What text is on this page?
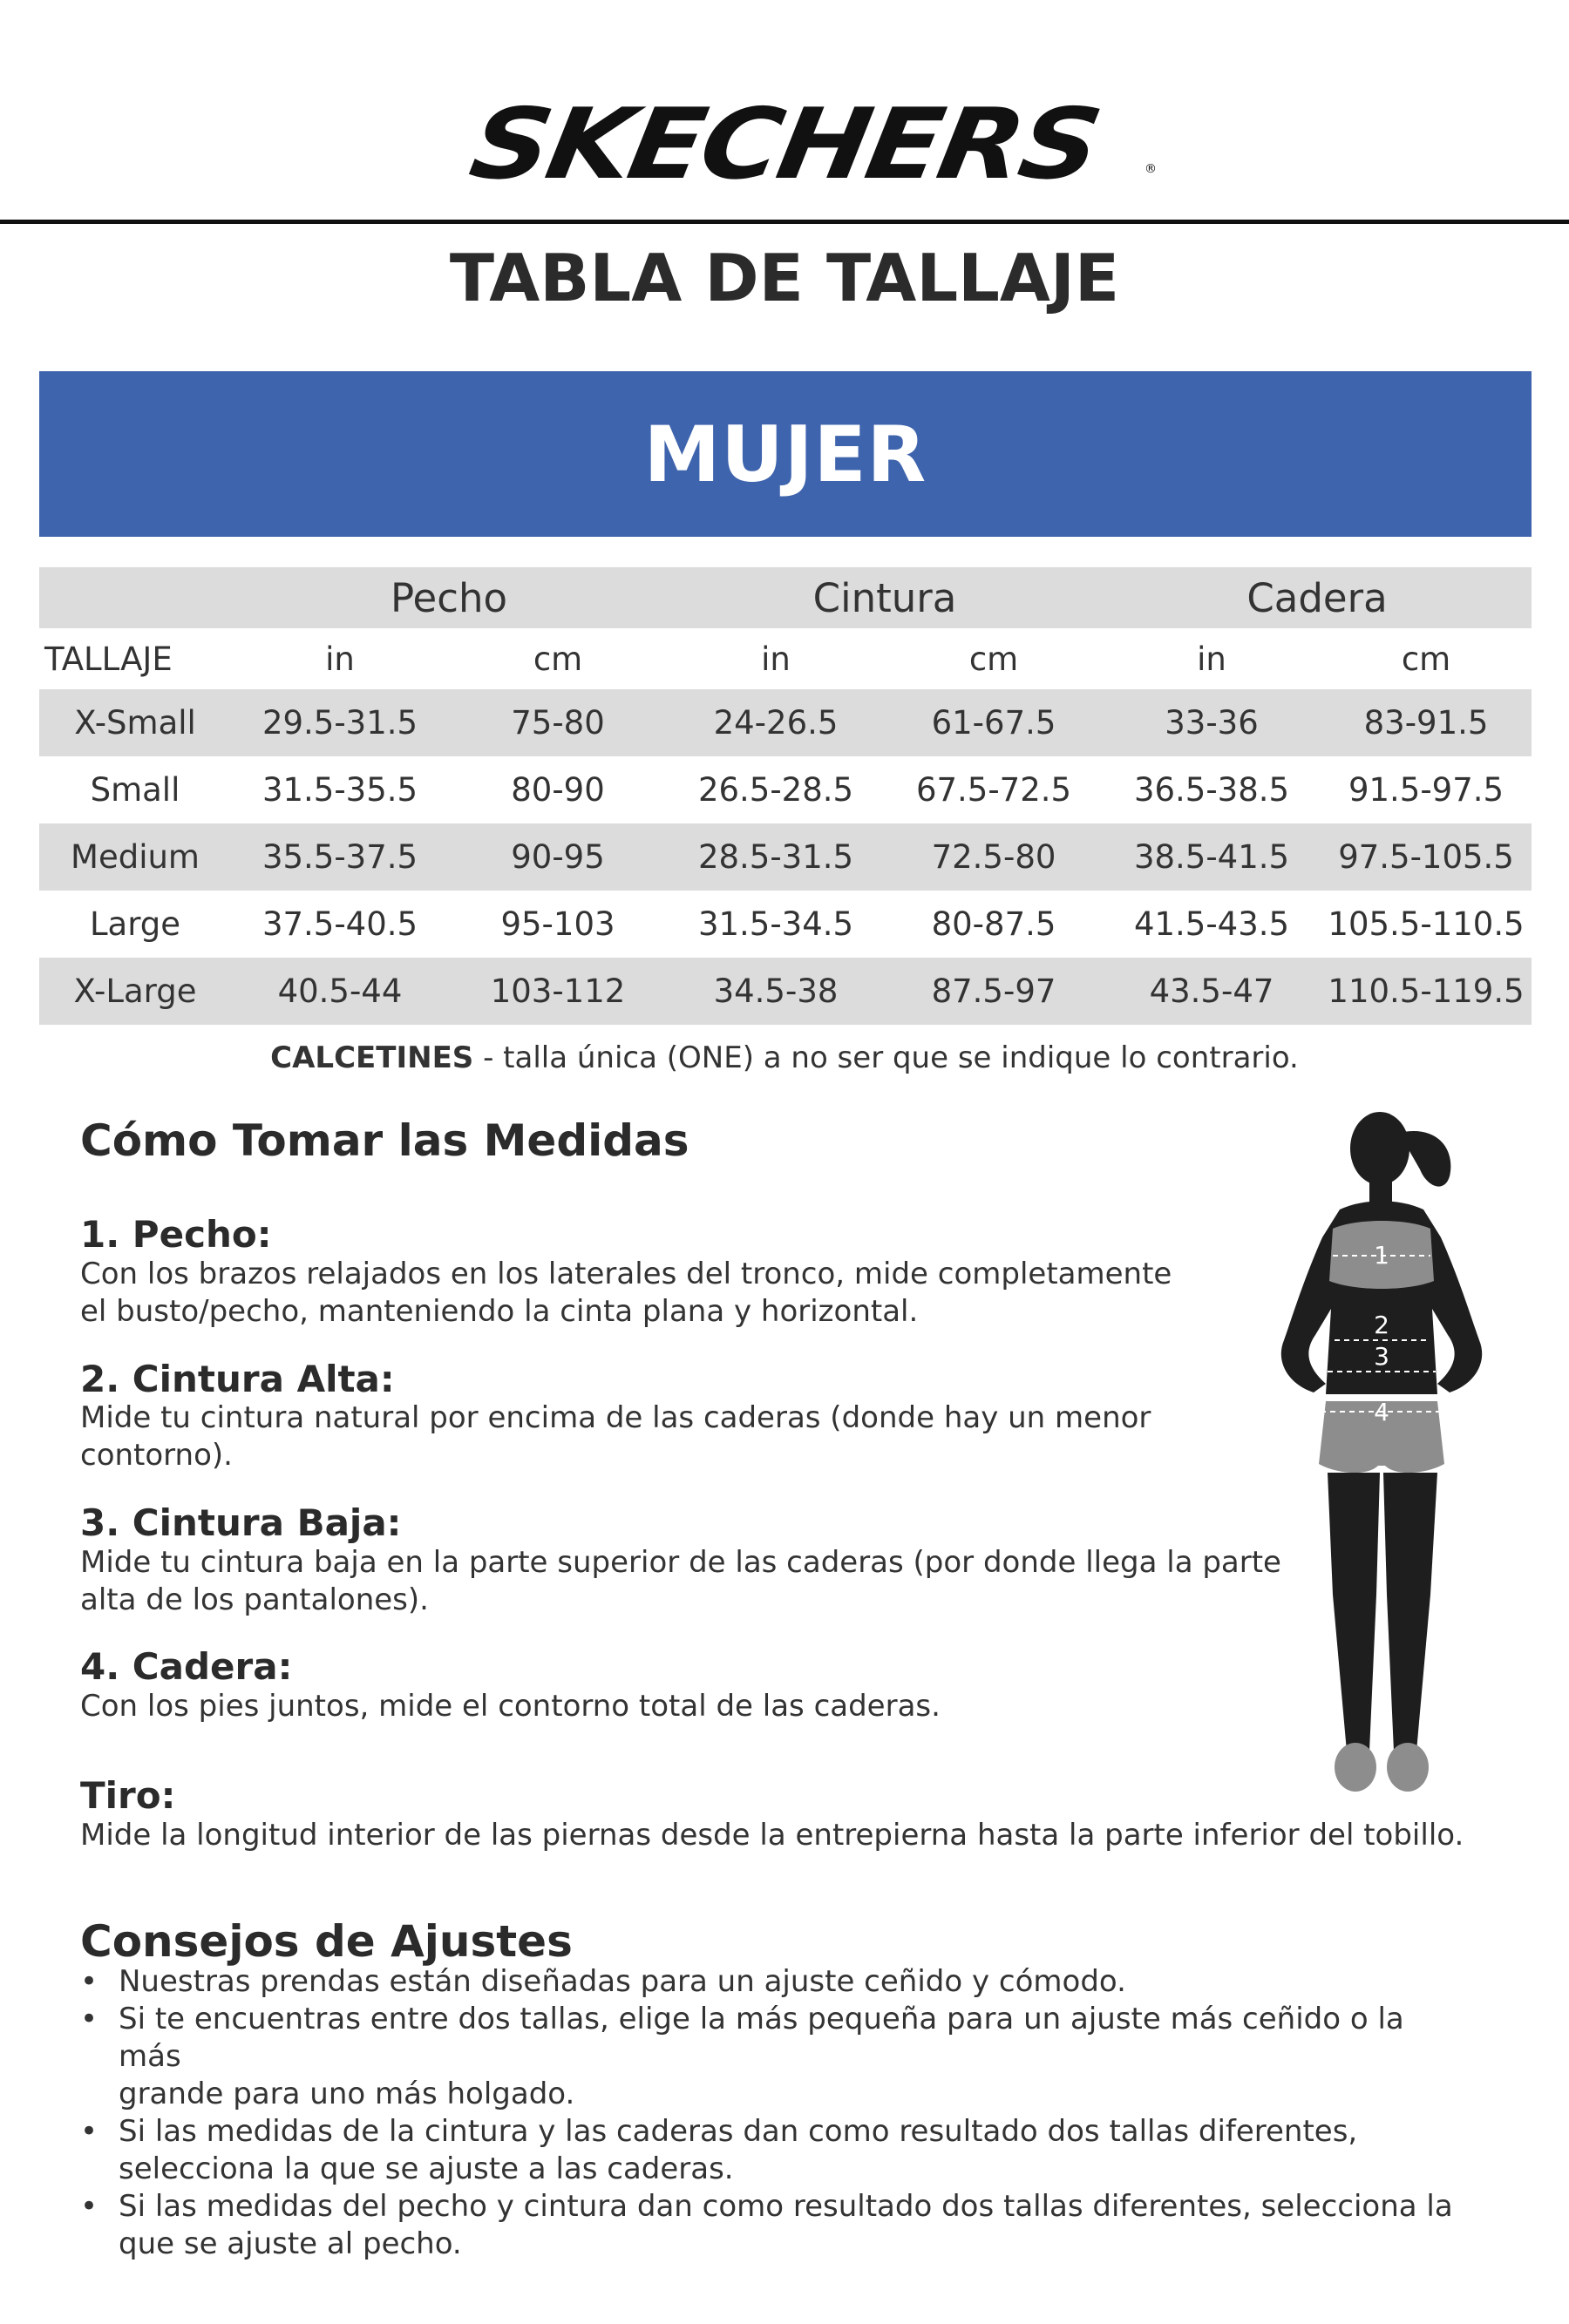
SKECHERS	®
TABLA DE TALLAJE
MUJER
	Pecho		Cintura		Cadera	
TALLAJE	in	cm	in	cm	in	cm
X-Small	29.5-31.5	75-80	24-26.5	61-67.5	33-36	83-91.5
Small	31.5-35.5	80-90	26.5-28.5	67.5-72.5	36.5-38.5	91.5-97.5
Medium	35.5-37.5	90-95	28.5-31.5	72.5-80	38.5-41.5	97.5-105.5
Large	37.5-40.5	95-103	31.5-34.5	80-87.5	41.5-43.5	105.5-110.5
X-Large	40.5-44	103-112	34.5-38	87.5-97	43.5-47	110.5-119.5
CALCETINES - talla única (ONE) a no ser que se indique lo contrario.
Cómo Tomar las Medidas
1. Pecho:
Con los brazos relajados en los laterales del tronco, mide completamente
el busto/pecho, manteniendo la cinta plana y horizontal.
2. Cintura Alta:
Mide tu cintura natural por encima de las caderas (donde hay un menor
contorno).
3. Cintura Baja:
Mide tu cintura baja en la parte superior de las caderas (por donde llega la parte
alta de los pantalones).
4. Cadera:
Con los pies juntos, mide el contorno total de las caderas.
Tiro:
Mide la longitud interior de las piernas desde la entrepierna hasta la parte inferior del tobillo.
1
2
3
4
Consejos de Ajustes
• Nuestras prendas están diseñadas para un ajuste ceñido y cómodo.
• Si te encuentras entre dos tallas, elige la más pequeña para un ajuste más ceñido o la más
grande para uno más holgado.
• Si las medidas de la cintura y las caderas dan como resultado dos tallas diferentes,
selecciona la que se ajuste a las caderas.
• Si las medidas del pecho y cintura dan como resultado dos tallas diferentes, selecciona la
que se ajuste al pecho.
